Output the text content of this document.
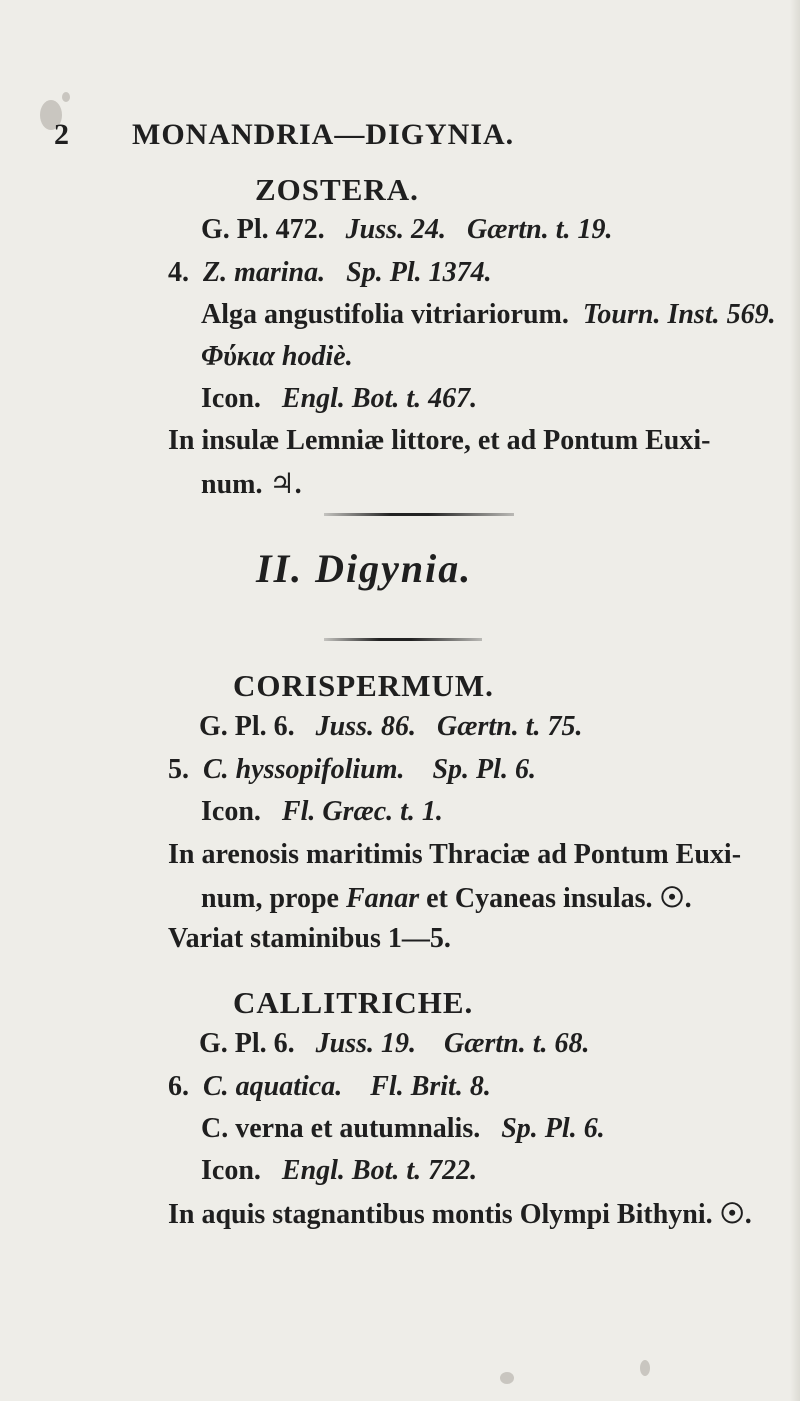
2 MONANDRIA—DIGYNIA.
ZOSTERA.
G. Pl. 472. Juss. 24. Gærtn. t. 19.
4. Z. marina. Sp. Pl. 1374.
Alga angustifolia vitriariorum. Tourn. Inst. 569.
Φύκια hodiè.
Icon. Engl. Bot. t. 467.
In insulæ Lemniæ littore, et ad Pontum Euxi-
num. ♃.
II. Digynia.
CORISPERMUM.
G. Pl. 6. Juss. 86. Gærtn. t. 75.
5. C. hyssopifolium. Sp. Pl. 6.
Icon. Fl. Græc. t. 1.
In arenosis maritimis Thraciæ ad Pontum Euxi-
num, prope Fanar et Cyaneas insulas. ☉.
Variat staminibus 1—5.
CALLITRICHE.
G. Pl. 6. Juss. 19. Gærtn. t. 68.
6. C. aquatica. Fl. Brit. 8.
C. verna et autumnalis. Sp. Pl. 6.
Icon. Engl. Bot. t. 722.
In aquis stagnantibus montis Olympi Bithyni. ☉.
